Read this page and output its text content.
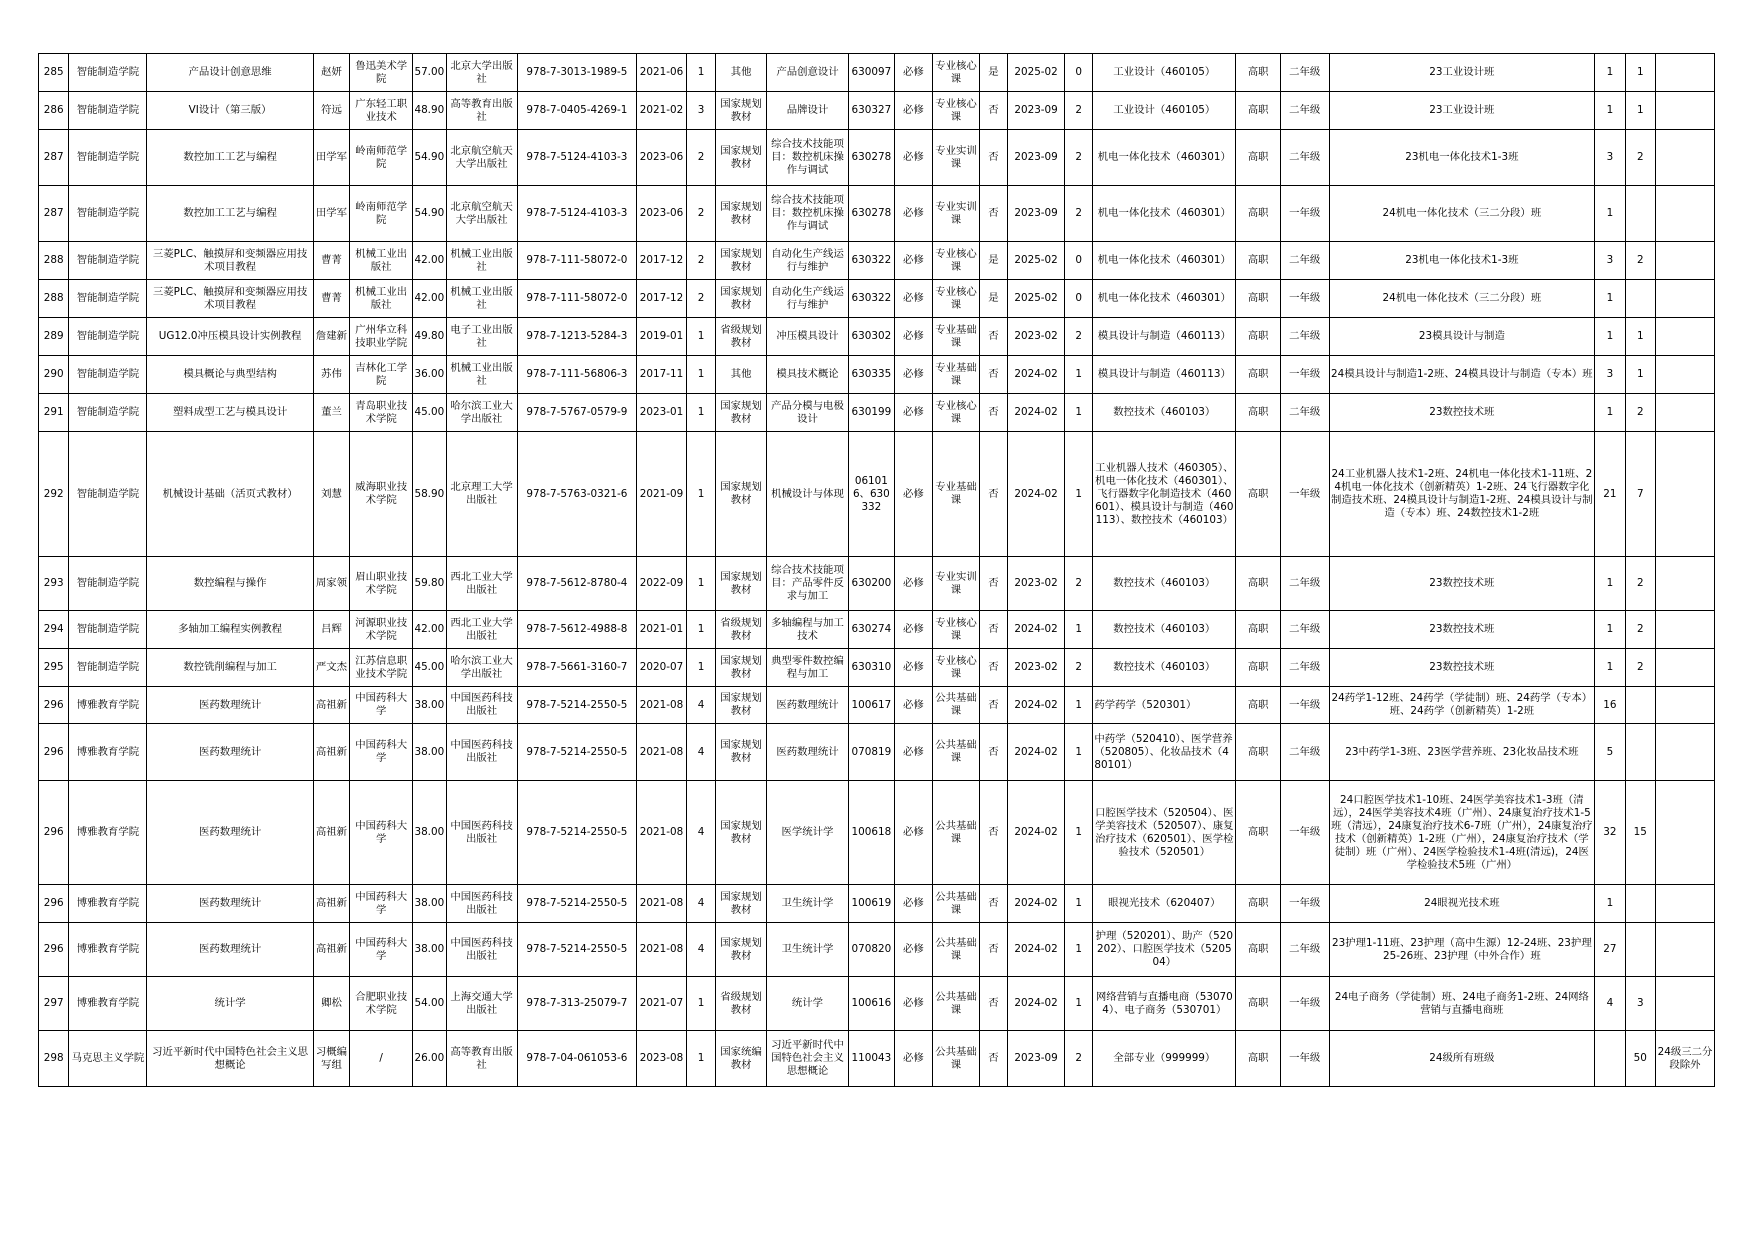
285	智能制造学院	产品设计创意思维	赵妍	鲁迅美术学院	57.00	北京大学出版社	978-7-3013-1989-5	2021-06	1	其他	产品创意设计	630097	必修	专业核心课	是	2025-02	0	工业设计（460105）	高职	二年级	23工业设计班	1	1	
286	智能制造学院	VI设计（第三版）	符远	广东轻工职业技术	48.90	高等教育出版社	978-7-0405-4269-1	2021-02	3	国家规划教材	品牌设计	630327	必修	专业核心课	否	2023-09	2	工业设计（460105）	高职	二年级	23工业设计班	1	1	
287	智能制造学院	数控加工工艺与编程	田学军	岭南师范学院	54.90	北京航空航天大学出版社	978-7-5124-4103-3	2023-06	2	国家规划教材	综合技术技能项目：数控机床操作与调试	630278	必修	专业实训课	否	2023-09	2	机电一体化技术（460301）	高职	二年级	23机电一体化技术1-3班	3	2	
287	智能制造学院	数控加工工艺与编程	田学军	岭南师范学院	54.90	北京航空航天大学出版社	978-7-5124-4103-3	2023-06	2	国家规划教材	综合技术技能项目：数控机床操作与调试	630278	必修	专业实训课	否	2023-09	2	机电一体化技术（460301）	高职	一年级	24机电一体化技术（三二分段）班	1		
288	智能制造学院	三菱PLC、触摸屏和变频器应用技术项目教程	曹菁	机械工业出版社	42.00	机械工业出版社	978-7-111-58072-0	2017-12	2	国家规划教材	自动化生产线运行与维护	630322	必修	专业核心课	是	2025-02	0	机电一体化技术（460301）	高职	二年级	23机电一体化技术1-3班	3	2	
288	智能制造学院	三菱PLC、触摸屏和变频器应用技术项目教程	曹菁	机械工业出版社	42.00	机械工业出版社	978-7-111-58072-0	2017-12	2	国家规划教材	自动化生产线运行与维护	630322	必修	专业核心课	是	2025-02	0	机电一体化技术（460301）	高职	一年级	24机电一体化技术（三二分段）班	1		
289	智能制造学院	UG12.0冲压模具设计实例教程	詹建新	广州华立科技职业学院	49.80	电子工业出版社	978-7-1213-5284-3	2019-01	1	省级规划教材	冲压模具设计	630302	必修	专业基础课	否	2023-02	2	模具设计与制造（460113）	高职	二年级	23模具设计与制造	1	1	
290	智能制造学院	模具概论与典型结构	苏伟	吉林化工学院	36.00	机械工业出版社	978-7-111-56806-3	2017-11	1	其他	模具技术概论	630335	必修	专业基础课	否	2024-02	1	模具设计与制造（460113）	高职	一年级	24模具设计与制造1-2班、24模具设计与制造（专本）班	3	1	
291	智能制造学院	塑料成型工艺与模具设计	董兰	青岛职业技术学院	45.00	哈尔滨工业大学出版社	978-7-5767-0579-9	2023-01	1	国家规划教材	产品分模与电极设计	630199	必修	专业核心课	否	2024-02	1	数控技术（460103）	高职	二年级	23数控技术班	1	2	
292	智能制造学院	机械设计基础（活页式教材）	刘慧	威海职业技术学院	58.90	北京理工大学出版社	978-7-5763-0321-6	2021-09	1	国家规划教材	机械设计与体现	061016、630332	必修	专业基础课	否	2024-02	1	工业机器人技术（460305）、机电一体化技术（460301）、飞行器数字化制造技术（460601）、模具设计与制造（460113）、数控技术（460103）	高职	一年级	24工业机器人技术1-2班、24机电一体化技术1-11班、24机电一体化技术（创新精英）1-2班、24飞行器数字化制造技术班、24模具设计与制造1-2班、24模具设计与制造（专本）班、24数控技术1-2班	21	7	
293	智能制造学院	数控编程与操作	周家领	眉山职业技术学院	59.80	西北工业大学出版社	978-7-5612-8780-4	2022-09	1	国家规划教材	综合技术技能项目：产品零件反求与加工	630200	必修	专业实训课	否	2023-02	2	数控技术（460103）	高职	二年级	23数控技术班	1	2	
294	智能制造学院	多轴加工编程实例教程	吕辉	河源职业技术学院	42.00	西北工业大学出版社	978-7-5612-4988-8	2021-01	1	省级规划教材	多轴编程与加工技术	630274	必修	专业核心课	否	2024-02	1	数控技术（460103）	高职	二年级	23数控技术班	1	2	
295	智能制造学院	数控铣削编程与加工	严文杰	江苏信息职业技术学院	45.00	哈尔滨工业大学出版社	978-7-5661-3160-7	2020-07	1	国家规划教材	典型零件数控编程与加工	630310	必修	专业核心课	否	2023-02	2	数控技术（460103）	高职	二年级	23数控技术班	1	2	
296	博雅教育学院	医药数理统计	高祖新	中国药科大学	38.00	中国医药科技出版社	978-7-5214-2550-5	2021-08	4	国家规划教材	医药数理统计	100617	必修	公共基础课	否	2024-02	1	药学药学（520301）	高职	一年级	24药学1-12班、24药学（学徒制）班、24药学（专本）班、24药学（创新精英）1-2班	16		
296	博雅教育学院	医药数理统计	高祖新	中国药科大学	38.00	中国医药科技出版社	978-7-5214-2550-5	2021-08	4	国家规划教材	医药数理统计	070819	必修	公共基础课	否	2024-02	1	中药学（520410）、医学营养（520805）、化妆品技术（480101）	高职	二年级	23中药学1-3班、23医学营养班、23化妆品技术班	5		
296	博雅教育学院	医药数理统计	高祖新	中国药科大学	38.00	中国医药科技出版社	978-7-5214-2550-5	2021-08	4	国家规划教材	医学统计学	100618	必修	公共基础课	否	2024-02	1	口腔医学技术（520504）、医学美容技术（520507）、康复治疗技术（620501）、医学检验技术（520501）	高职	一年级	24口腔医学技术1-10班、24医学美容技术1-3班（清远），24医学美容技术4班（广州）、24康复治疗技术1-5班（清远），24康复治疗技术6-7班（广州），24康复治疗技术（创新精英）1-2班（广州），24康复治疗技术（学徒制）班（广州）、24医学检验技术1-4班(清远)，24医学检验技术5班（广州）	32	15	
296	博雅教育学院	医药数理统计	高祖新	中国药科大学	38.00	中国医药科技出版社	978-7-5214-2550-5	2021-08	4	国家规划教材	卫生统计学	100619	必修	公共基础课	否	2024-02	1	眼视光技术（620407）	高职	一年级	24眼视光技术班	1		
296	博雅教育学院	医药数理统计	高祖新	中国药科大学	38.00	中国医药科技出版社	978-7-5214-2550-5	2021-08	4	国家规划教材	卫生统计学	070820	必修	公共基础课	否	2024-02	1	护理（520201）、助产（520202）、口腔医学技术（520504）	高职	二年级	23护理1-11班、23护理（高中生源）12-24班、23护理25-26班、23护理（中外合作）班	27		
297	博雅教育学院	统计学	卿松	合肥职业技术学院	54.00	上海交通大学出版社	978-7-313-25079-7	2021-07	1	省级规划教材	统计学	100616	必修	公共基础课	否	2024-02	1	网络营销与直播电商（530704）、电子商务（530701）	高职	一年级	24电子商务（学徒制）班、24电子商务1-2班、24网络营销与直播电商班	4	3	
298	马克思主义学院	习近平新时代中国特色社会主义思想概论	习概编写组	/	26.00	高等教育出版社	978-7-04-061053-6	2023-08	1	国家统编教材	习近平新时代中国特色社会主义思想概论	110043	必修	公共基础课	否	2023-09	2	全部专业（999999）	高职	一年级	24级所有班级		50	24级三二分段除外
